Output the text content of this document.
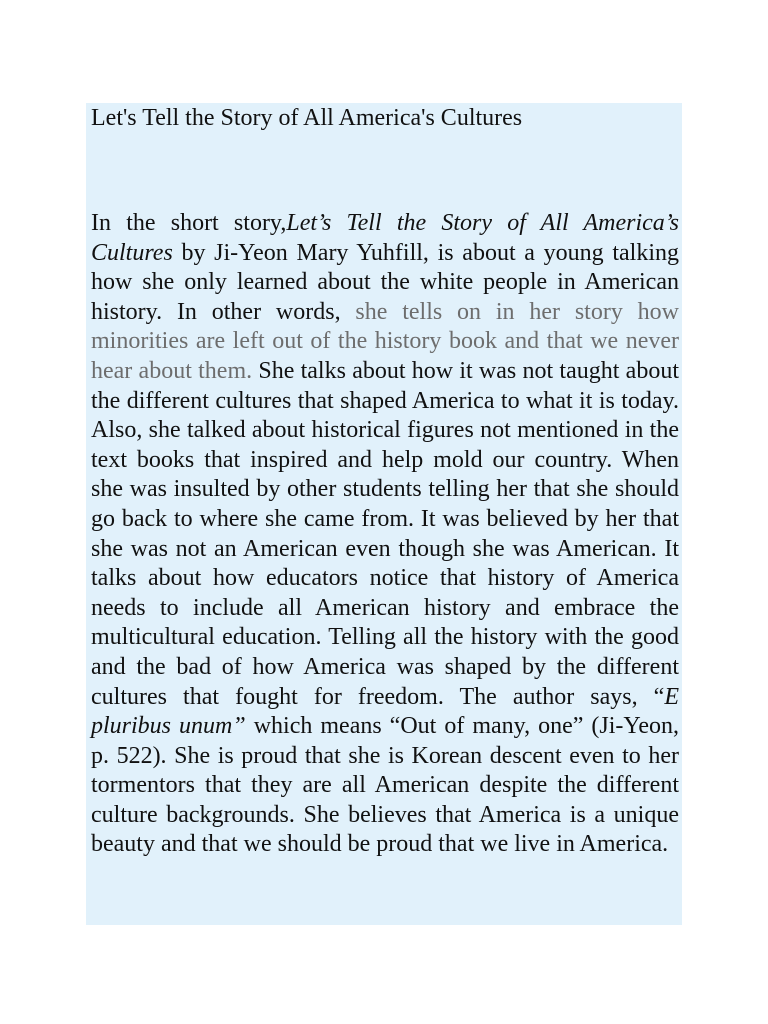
Let's Tell the Story of All America's Cultures

In the short story,Let’s Tell the Story of All America’s Cultures by Ji-Yeon Mary Yuhfill, is about a young talking how she only learned about the white people in American history. In other words, she tells on in her story how minorities are left out of the history book and that we never hear about them. She talks about how it was not taught about the different cultures that shaped America to what it is today. Also, she talked about historical figures not mentioned in the text books that inspired and help mold our country. When she was insulted by other students telling her that she should go back to where she came from. It was believed by her that she was not an American even though she was American. It talks about how educators notice that history of America needs to include all American history and embrace the multicultural education. Telling all the history with the good and the bad of how America was shaped by the different cultures that fought for freedom. The author says, “E pluribus unum” which means “Out of many, one” (Ji-Yeon, p. 522). She is proud that she is Korean descent even to her tormentors that they are all American despite the different culture backgrounds. She believes that America is a unique beauty and that we should be proud that we live in America.
